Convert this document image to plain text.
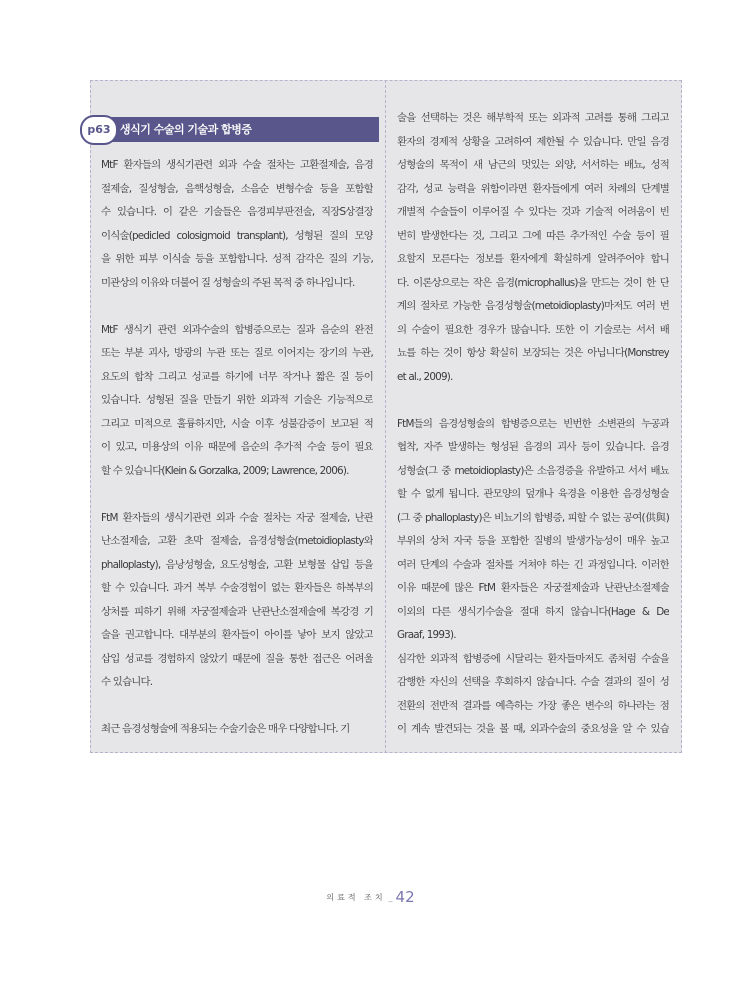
생식기 수술의 기술과 합병증
p63
MtF 환자들의 생식기관련 외과 수술 절차는 고환절제술, 음경
절제술, 질성형술, 음핵성형술, 소음순 변형수술 등을 포함할
수 있습니다. 이 같은 기술들은 음경피부판전술, 직장S상결장
이식술(pedicled colosigmoid transplant), 성형된 질의 모양
을 위한 피부 이식술 등을 포함합니다. 성적 감각은 질의 기능,
미관상의 이유와 더불어 질 성형술의 주된 목적 중 하나입니다.
MtF 생식기 관련 외과수술의 합병증으로는 질과 음순의 완전
또는 부분 괴사, 방광의 누관 또는 질로 이어지는 장기의 누관,
요도의 합착 그리고 성교를 하기에 너무 작거나 짧은 질 등이
있습니다. 성형된 질을 만들기 위한 외과적 기술은 기능적으로
그리고 미적으로 훌륭하지만, 시술 이후 성불감증이 보고된 적
이 있고, 미용상의 이유 때문에 음순의 추가적 수술 등이 필요
할 수 있습니다(Klein & Gorzalka, 2009; Lawrence, 2006).
FtM 환자들의 생식기관련 외과 수술 절차는 자궁 절제술, 난관
난소절제술, 고환 초막 절제술, 음경성형술(metoidioplasty와
phalloplasty), 음낭성형술, 요도성형술, 고환 보형물 삽입 등을
할 수 있습니다. 과거 복부 수술경험이 없는 환자들은 하복부의
상처를 피하기 위해 자궁절제술과 난관난소절제술에 복강경 기
술을 권고합니다. 대부분의 환자들이 아이를 낳아 보지 않았고
삽입 성교를 경험하지 않았기 때문에 질을 통한 접근은 어려울
수 있습니다.
최근 음경성형술에 적용되는 수술기술은 매우 다양합니다. 기
술을 선택하는 것은 해부학적 또는 외과적 고려를 통해 그리고
환자의 경제적 상황을 고려하여 제한될 수 있습니다. 만일 음경
성형술의 목적이 새 남근의 멋있는 외양, 서서하는 배뇨, 성적
감각, 성교 능력을 위함이라면 환자들에게 여러 차례의 단계별
개별적 수술들이 이루어질 수 있다는 것과 기술적 어려움이 빈
번히 발생한다는 것, 그리고 그에 따른 추가적인 수술 등이 필
요할지 모른다는 정보를 환자에게 확실하게 알려주어야 합니
다. 이론상으로는 작은 음경(microphallus)을 만드는 것이 한 단
계의 절차로 가능한 음경성형술(metoidioplasty)마저도 여러 번
의 수술이 필요한 경우가 많습니다. 또한 이 기술로는 서서 배
뇨를 하는 것이 항상 확실히 보장되는 것은 아닙니다(Monstrey
et al., 2009).
FtM들의 음경성형술의 합병증으로는 빈번한 소변관의 누공과
협착, 자주 발생하는 형성된 음경의 괴사 등이 있습니다. 음경
성형술(그 중 metoidioplasty)은 소음경증을 유발하고 서서 배뇨
할 수 없게 됩니다. 관모양의 덮개나 육경을 이용한 음경성형술
(그 중 phalloplasty)은 비뇨기의 합병증, 피할 수 없는 공여(供與)
부위의 상처 자국 등을 포함한 질병의 발생가능성이 매우 높고
여러 단계의 수술과 절차를 거쳐야 하는 긴 과정입니다. 이러한
이유 때문에 많은 FtM 환자들은 자궁절제술과 난관난소절제술
이외의 다른 생식기수술을 절대 하지 않습니다(Hage & De
Graaf, 1993).
심각한 외과적 합병증에 시달리는 환자들마저도 좀처럼 수술을
감행한 자신의 선택을 후회하지 않습니다. 수술 결과의 질이 성
전환의 전반적 결과를 예측하는 가장 좋은 변수의 하나라는 점
이 계속 발견되는 것을 볼 때, 외과수술의 중요성을 알 수 있습
의료적 조치 _ 42
